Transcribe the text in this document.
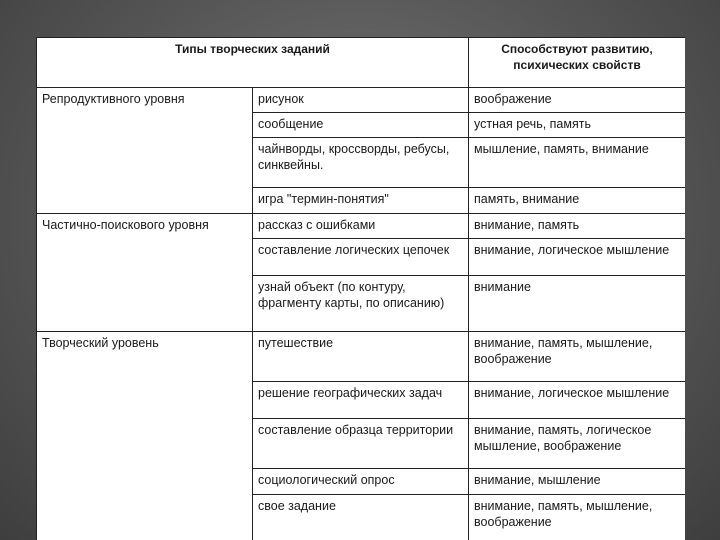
Типы творческих заданий		Способствуют развитию,
психических свойств
Репродуктивного уровня	рисунок	воображение
	сообщение	устная речь, память
	чайнворды, кроссворды, ребусы, синквейны.	мышление, память, внимание
	игра "термин-понятия"	память, внимание
Частично-поискового уровня	рассказ с ошибками	внимание, память
	составление логических цепочек	внимание, логическое мышление
	узнай объект (по контуру, фрагменту карты, по описанию)	внимание
Творческий уровень	путешествие	внимание, память, мышление, воображение
	решение географических задач	внимание, логическое мышление
	составление образца территории	внимание, память, логическое мышление, воображение
	социологический опрос	внимание, мышление
	свое задание	внимание, память, мышление, воображение
